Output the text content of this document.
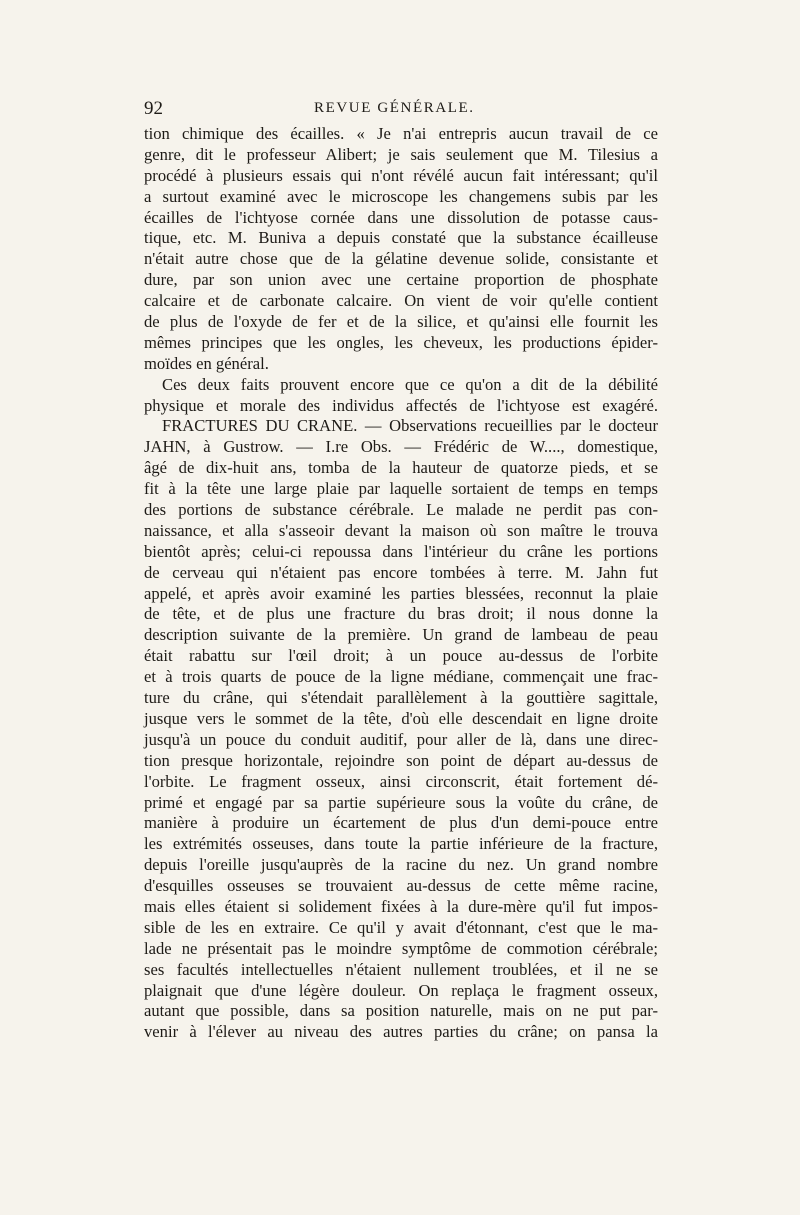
92	REVUE GÉNÉRALE.
tion chimique des écailles. « Je n'ai entrepris aucun travail de ce
genre, dit le professeur Alibert; je sais seulement que M. Tilesius a
procédé à plusieurs essais qui n'ont révélé aucun fait intéressant; qu'il
a surtout examiné avec le microscope les changemens subis par les
écailles de l'ichtyose cornée dans une dissolution de potasse caus-
tique, etc. M. Buniva a depuis constaté que la substance écailleuse
n'était autre chose que de la gélatine devenue solide, consistante et
dure, par son union avec une certaine proportion de phosphate
calcaire et de carbonate calcaire. On vient de voir qu'elle contient
de plus de l'oxyde de fer et de la silice, et qu'ainsi elle fournit les
mêmes principes que les ongles, les cheveux, les productions épider-
moïdes en général.
Ces deux faits prouvent encore que ce qu'on a dit de la débilité
physique et morale des individus affectés de l'ichtyose est exagéré.
FRACTURES DU CRANE. — Observations recueillies par le docteur
JAHN, à Gustrow. — I.re Obs. — Frédéric de W...., domestique,
âgé de dix-huit ans, tomba de la hauteur de quatorze pieds, et se
fit à la tête une large plaie par laquelle sortaient de temps en temps
des portions de substance cérébrale. Le malade ne perdit pas con-
naissance, et alla s'asseoir devant la maison où son maître le trouva
bientôt après; celui-ci repoussa dans l'intérieur du crâne les portions
de cerveau qui n'étaient pas encore tombées à terre. M. Jahn fut
appelé, et après avoir examiné les parties blessées, reconnut la plaie
de tête, et de plus une fracture du bras droit; il nous donne la
description suivante de la première. Un grand de lambeau de peau
était rabattu sur l'œil droit; à un pouce au-dessus de l'orbite
et à trois quarts de pouce de la ligne médiane, commençait une frac-
ture du crâne, qui s'étendait parallèlement à la gouttière sagittale,
jusque vers le sommet de la tête, d'où elle descendait en ligne droite
jusqu'à un pouce du conduit auditif, pour aller de là, dans une direc-
tion presque horizontale, rejoindre son point de départ au-dessus de
l'orbite. Le fragment osseux, ainsi circonscrit, était fortement dé-
primé et engagé par sa partie supérieure sous la voûte du crâne, de
manière à produire un écartement de plus d'un demi-pouce entre
les extrémités osseuses, dans toute la partie inférieure de la fracture,
depuis l'oreille jusqu'auprès de la racine du nez. Un grand nombre
d'esquilles osseuses se trouvaient au-dessus de cette même racine,
mais elles étaient si solidement fixées à la dure-mère qu'il fut impos-
sible de les en extraire. Ce qu'il y avait d'étonnant, c'est que le ma-
lade ne présentait pas le moindre symptôme de commotion cérébrale;
ses facultés intellectuelles n'étaient nullement troublées, et il ne se
plaignait que d'une légère douleur. On replaça le fragment osseux,
autant que possible, dans sa position naturelle, mais on ne put par-
venir à l'élever au niveau des autres parties du crâne; on pansa la
